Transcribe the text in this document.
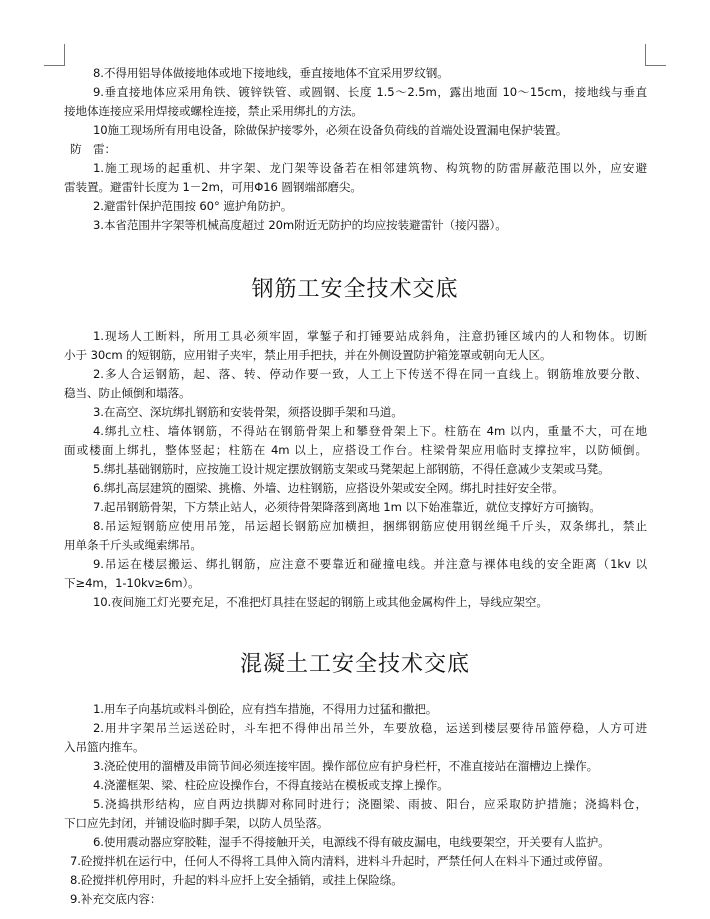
8.不得用铝导体做接地体或地下接地线，垂直接地体不宜采用罗纹钢。
9.垂直接地体应采用角铁、镀锌铁管、或圆钢、长度 1.5～2.5m，露出地面 10～15cm，接地线与垂直
接地体连接应采用焊接或螺栓连接，禁止采用绑扎的方法。
10施工现场所有用电设备，除做保护接零外，必须在设备负荷线的首端处设置漏电保护装置。
防　雷：
1.施工现场的起重机、井字架、龙门架等设备若在相邻建筑物、构筑物的防雷屏蔽范围以外，应安避
雷装置。避雷针长度为 1－2m，可用Φ16 圆钢端部磨尖。
2.避雷针保护范围按 60° 遮护角防护。
3.本省范围井字架等机械高度超过 20m附近无防护的均应按装避雷针（接闪器）。
钢筋工安全技术交底
1.现场人工断料，所用工具必须牢固，掌錾子和打锤要站成斜角，注意扔锤区域内的人和物体。切断
小于 30cm 的短钢筋，应用钳子夹牢，禁止用手把扶，并在外侧设置防护箱笼罩或朝向无人区。
2.多人合运钢筋，起、落、转、停动作要一致，人工上下传送不得在同一直线上。钢筋堆放要分散、
稳当、防止倾倒和塌落。
3.在高空、深坑绑扎钢筋和安装骨架，须搭设脚手架和马道。
4.绑扎立柱、墙体钢筋，不得站在钢筋骨架上和攀登骨架上下。柱筋在 4m 以内，重量不大，可在地
面或楼面上绑扎，整体竖起；柱筋在 4m 以上，应搭设工作台。柱梁骨架应用临时支撑拉牢，以防倾倒。
5.绑扎基础钢筋时，应按施工设计规定摆放钢筋支架或马凳架起上部钢筋，不得任意减少支架或马凳。
6.绑扎高层建筑的圈梁、挑檐、外墙、边柱钢筋，应搭设外架或安全网。绑扎时挂好安全带。
7.起吊钢筋骨架，下方禁止站人，必须待骨架降落到离地 1m 以下始准靠近，就位支撑好方可摘钩。
8.吊运短钢筋应使用吊笼，吊运超长钢筋应加横担，捆绑钢筋应使用钢丝绳千斤头，双条绑扎，禁止
用单条千斤头或绳索绑吊。
9.吊运在楼层搬运、绑扎钢筋，应注意不要靠近和碰撞电线。并注意与裸体电线的安全距离（1kv 以
下≥4m，1-10kv≥6m）。
10.夜间施工灯光要充足，不准把灯具挂在竖起的钢筋上或其他金属构件上，导线应架空。
混凝土工安全技术交底
1.用车子向基坑或料斗倒砼，应有挡车措施，不得用力过猛和撒把。
2.用井字架吊兰运送砼时，斗车把不得伸出吊兰外，车要放稳，运送到楼层要待吊篮停稳，人方可进
入吊篮内推车。
3.浇砼使用的溜槽及串筒节间必须连接牢固。操作部位应有护身栏杆，不准直接站在溜槽边上操作。
4.浇灌框架、梁、柱砼应设操作台，不得直接站在模板或支撑上操作。
5.浇捣拱形结构，应自两边拱脚对称同时进行；浇圈梁、雨披、阳台，应采取防护措施；浇捣料仓，
下口应先封闭，并铺设临时脚手架，以防人员坠落。
6.使用震动器应穿胶鞋，湿手不得接触开关，电源线不得有破皮漏电，电线要架空，开关要有人监护。
7.砼搅拌机在运行中，任何人不得将工具伸入筒内清料，进料斗升起时，严禁任何人在料斗下通过或停留。
8.砼搅拌机停用时，升起的料斗应扦上安全插销，或挂上保险绦。
9.补充交底内容：
